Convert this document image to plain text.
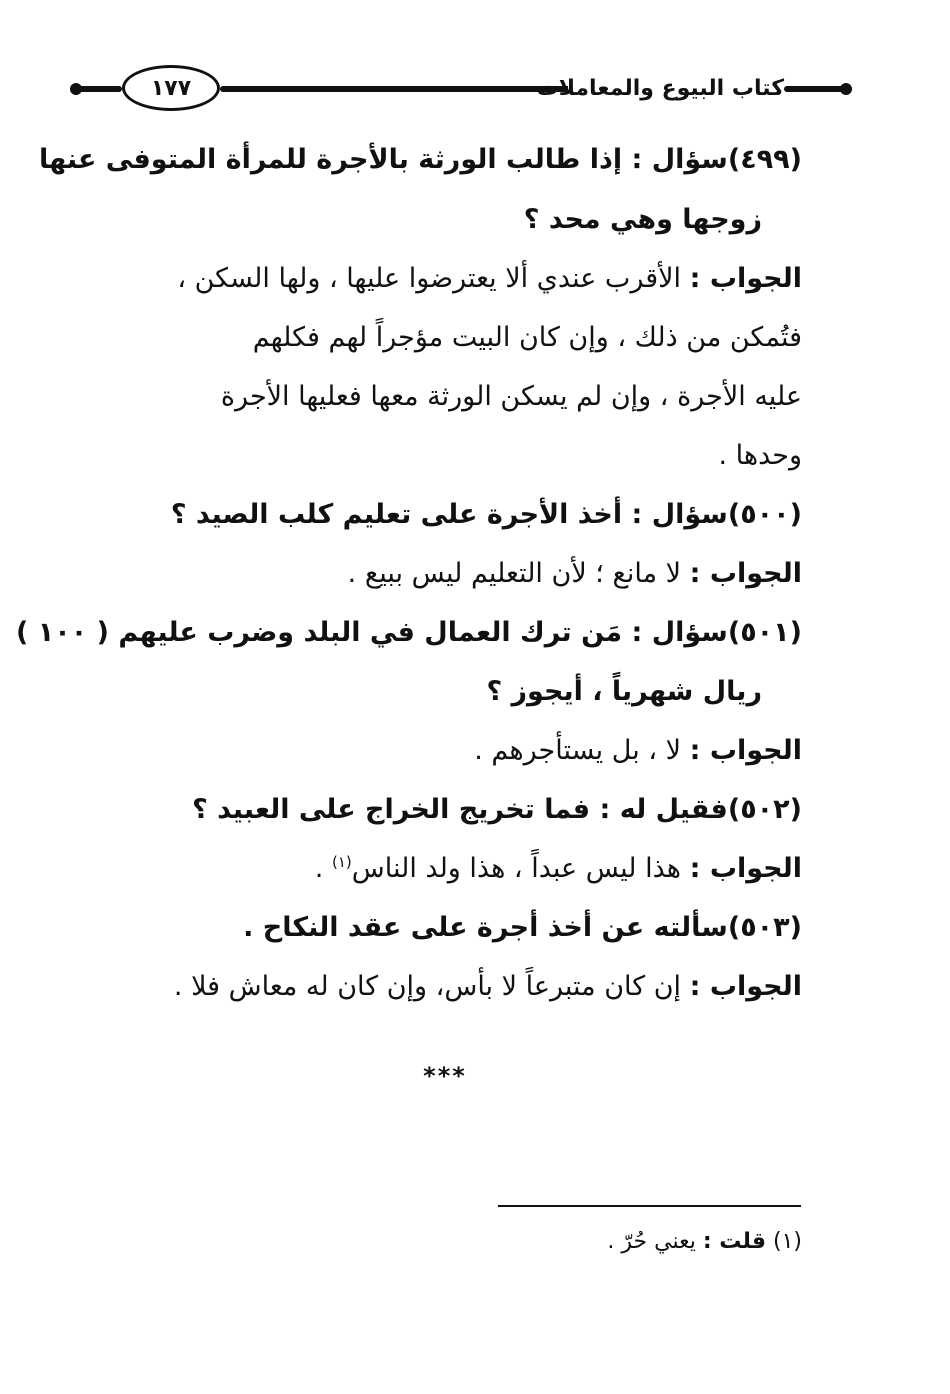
١٧٧	كتاب البيوع والمعاملات
(٤٩٩)سؤال : إذا طالب الورثة بالأجرة للمرأة المتوفى عنها
زوجها وهي محد ؟
الجواب : الأقرب عندي ألا يعترضوا عليها ، ولها السكن ،
فتُمكن من ذلك ، وإن كان البيت مؤجراً لهم فكلهم
عليه الأجرة ، وإن لم يسكن الورثة معها فعليها الأجرة
وحدها .
(٥٠٠)سؤال : أخذ الأجرة على تعليم كلب الصيد ؟
الجواب : لا مانع ؛ لأن التعليم ليس ببيع .
(٥٠١)سؤال : مَن ترك العمال في البلد وضرب عليهم ( ١٠٠ )
ريال شهرياً ، أيجوز ؟
الجواب : لا ، بل يستأجرهم .
(٥٠٢)فقيل له : فما تخريج الخراج على العبيد ؟
الجواب : هذا ليس عبداً ، هذا ولد الناس$^{(١)}$ .
(٥٠٣)سألته عن أخذ أجرة على عقد النكاح .
الجواب : إن كان متبرعاً لا بأس، وإن كان له معاش فلا .
***
(١) قلت : يعني حُرّ .
